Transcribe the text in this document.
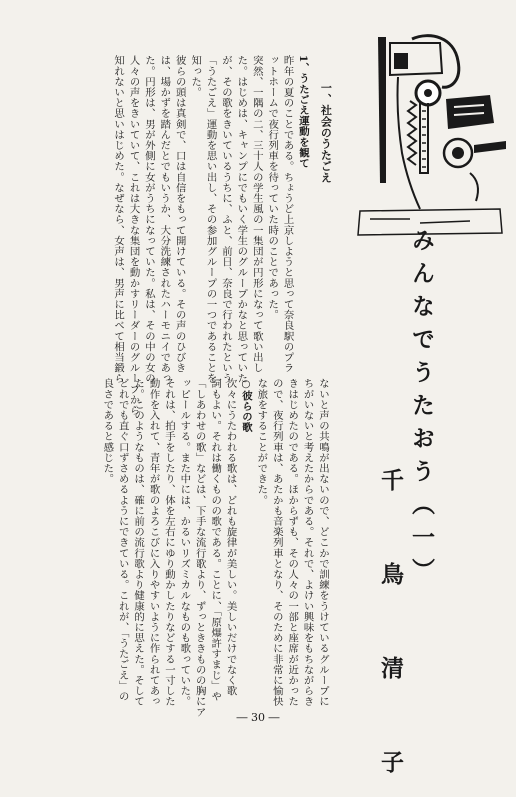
みんなでうたおう（一）
千　鳥　清　子
一、社会のうたごえ

1、うたごえ運動を観て

昨年の夏のことである。ちょうど上京しようと思って奈良駅のプラ

ットホームで夜行列車を待っていた時のことであった。

突然、一隅の二、三十人の学生風の一集団が円形になって歌い出し

た。はじめは、キャンプにでもいく学生のグループかなと思っていた

が、その歌をきいているうちに、ふと、前日、奈良で行われたという

「うたごえ」運動を思い出し、その参加グループの一つであることを

知った。

彼らの頭は真剣で、口は自信をもって開けている。その声のひびき

は、場かずを踏んだとでもいうか、大分洗練されたハーモニイであっ

た。円形は、男が外側に女がうちになっていた。私は、その中の女の

人々の声をきいていて、これは大きな集団を動かすリーダーのグループから

知れないと思いはじめた。なぜなら、女声は、男声に比べて相当鍛ら

ないと声の共鳴が出ないので、どこかで訓練をうけているグループに

ちがいないと考えたからである。それで、よけい興味をもちながらき

きはじめたのである。ほからずも、その人々の一部と座席が近かった

ので、夜行列車は、あたかも音楽列車となり、そのために非常に愉快

な旅をすることができた。

○彼らの歌

次々にうたわれる歌は、どれも旋律が美しい。美しいだけでなく歌

詞もよい。それは働くものの歌である。ことに、「原爆許すまじ」や

「しあわせの歌」などは、下手な流行歌より、ずっとききものの胸にア

ッピールする。また中には、かるいリズミカルなものも歌っていた。

それは、拍手をしたり、体を左右にゆり動かしたりなどする一寸した

動作を入れて、青年が歌のよろこびに入りやすいように作られてあっ

た。このようなものは、確に前の流行歌より健康的に思えた。そして

どれでも直ぐ口ずさめるようにできている。これが、「うたごえ」の

良さであると感じた。

― 30 ―
